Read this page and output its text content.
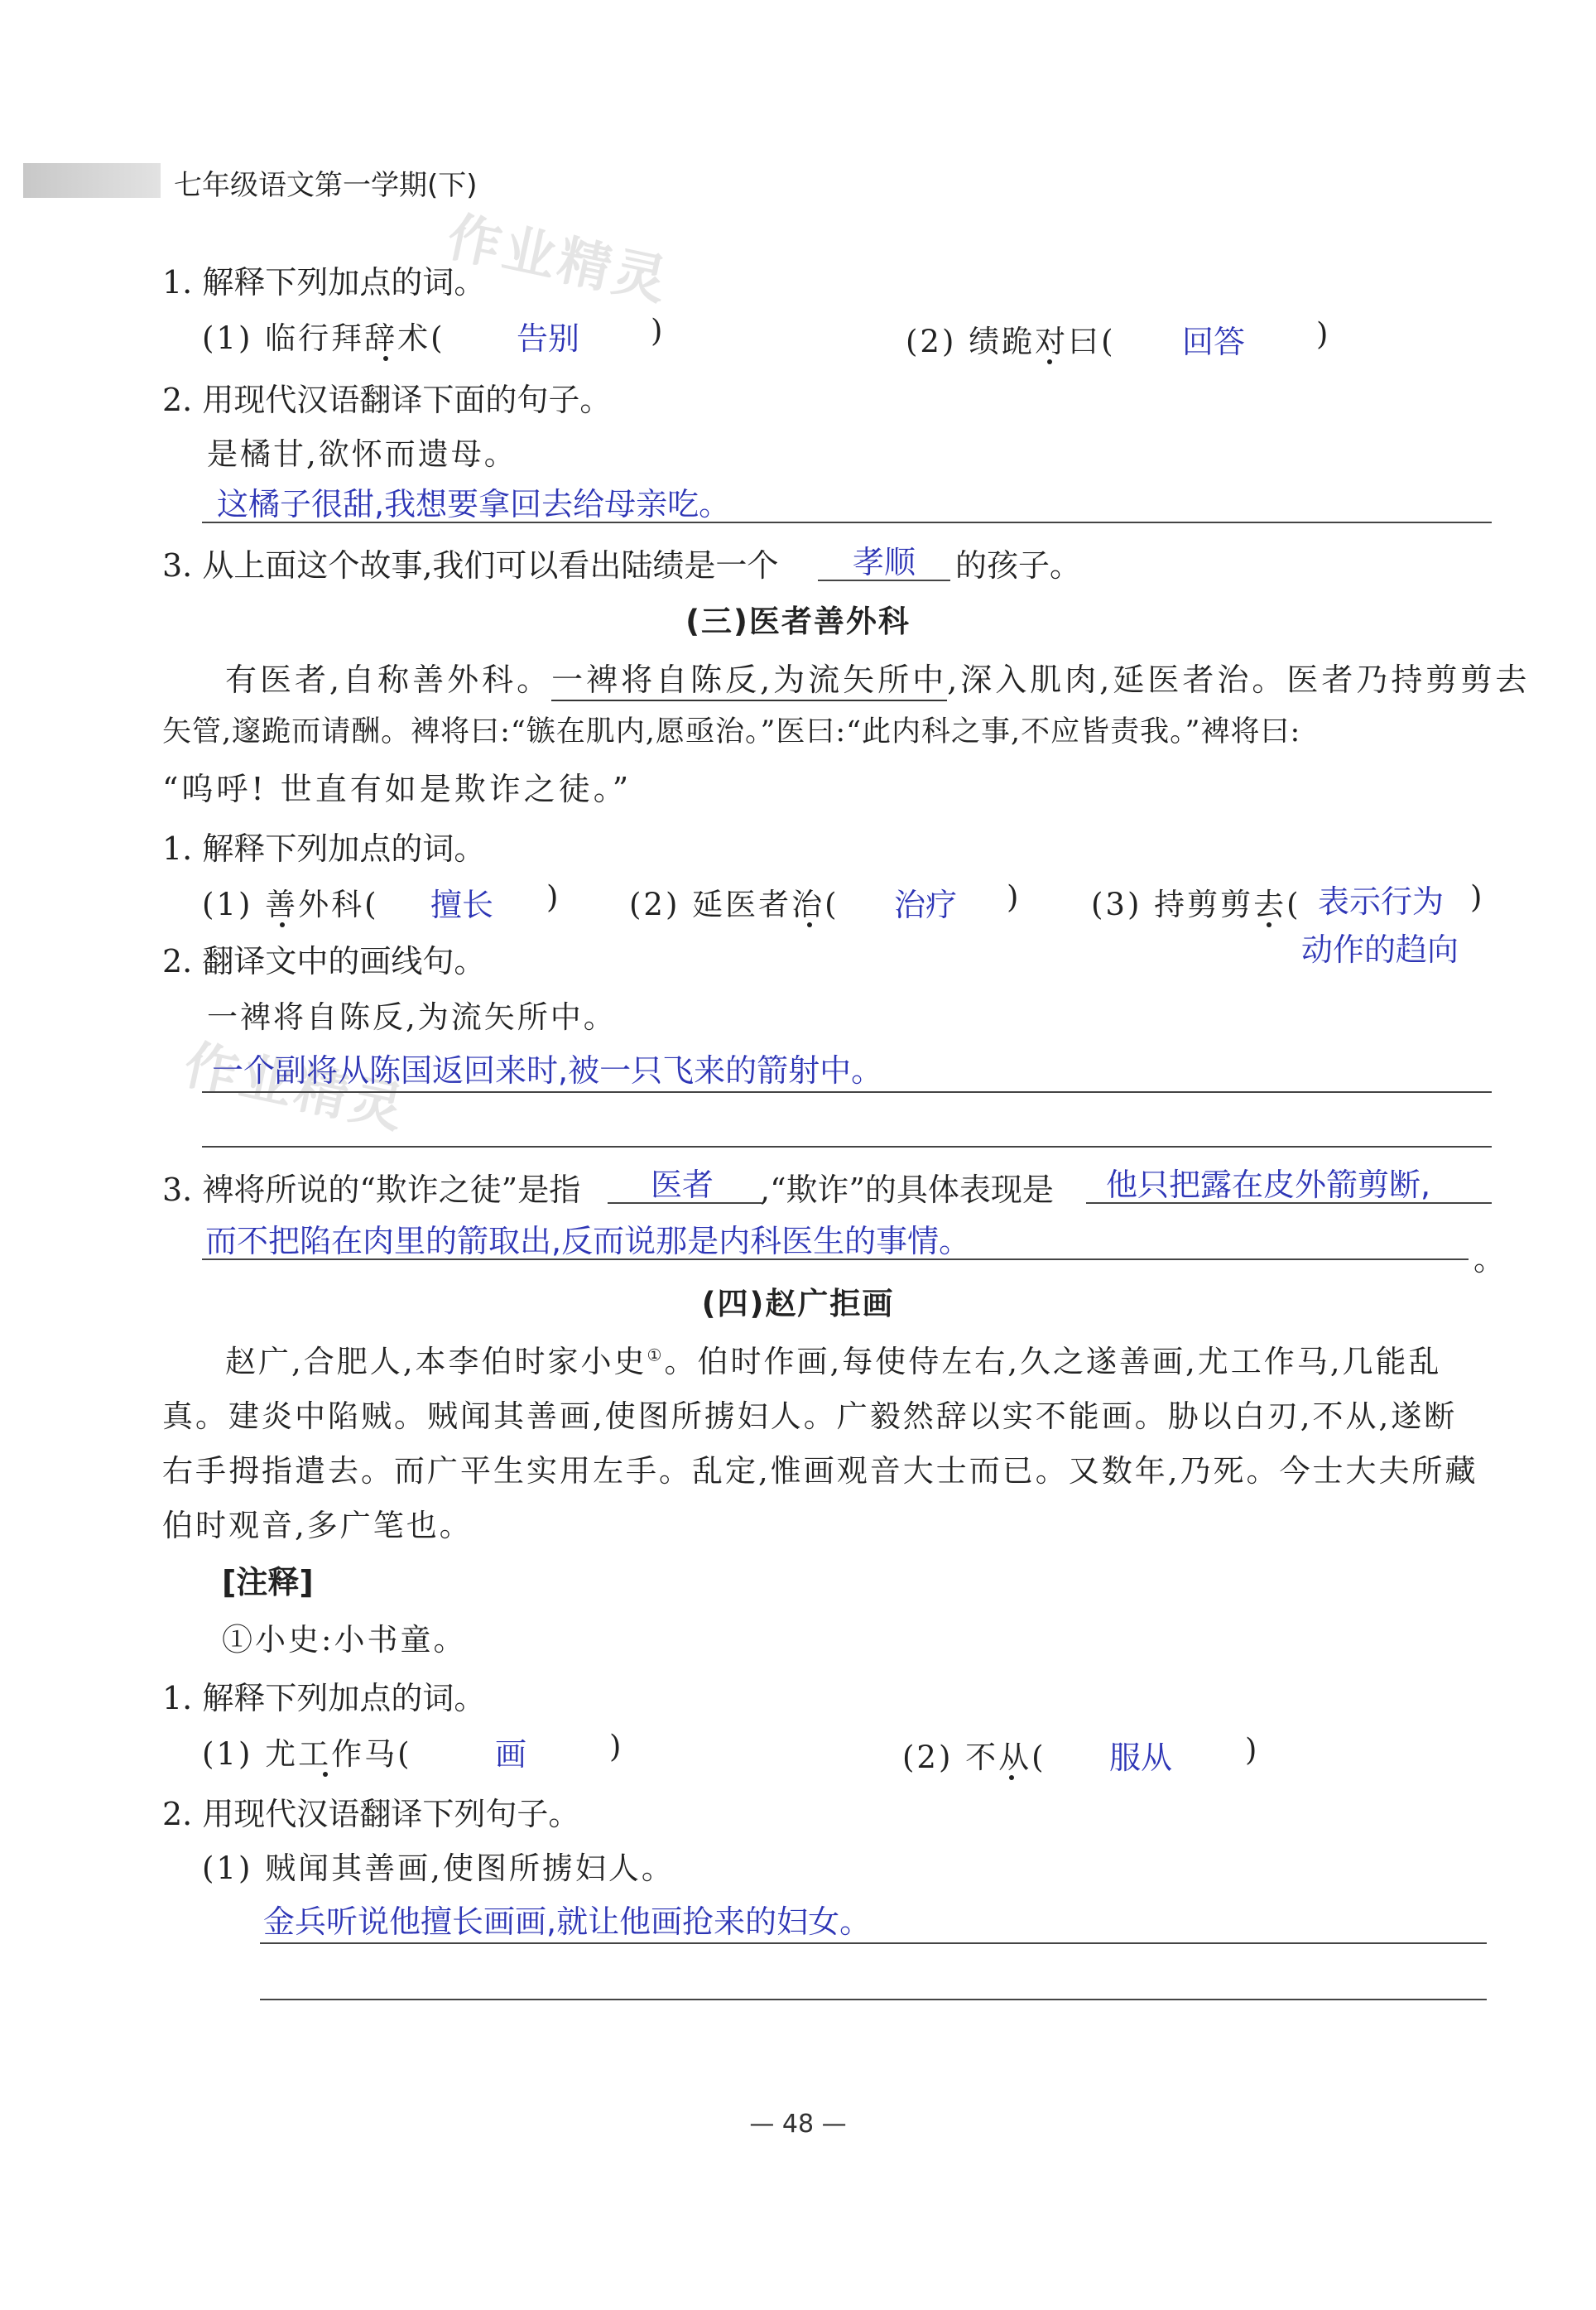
七年级语文第一学期(下)
作业精灵
作业精灵
1. 解释下列加点的词。
(1) 临行拜辞术( 告别 )	(2) 绩跪对曰( 回答 )
2. 用现代汉语翻译下面的句子。
是橘甘,欲怀而遗母。
这橘子很甜,我想要拿回去给母亲吃。
3. 从上面这个故事,我们可以看出陆绩是一个 孝顺 的孩子。
(三)医者善外科
有医者,自称善外科。一裨将自陈反,为流矢所中,深入肌肉,延医者治。医者乃持剪剪去
矢管,邃跪而请酬。裨将曰:“镞在肌内,愿亟治。”医曰:“此内科之事,不应皆责我。”裨将曰:
“呜呼! 世直有如是欺诈之徒。”
1. 解释下列加点的词。
(1) 善外科( 擅长 ) (2) 延医者治( 治疗 ) (3) 持剪剪去( 表示行为 )
动作的趋向
2. 翻译文中的画线句。
一裨将自陈反,为流矢所中。
一个副将从陈国返回来时,被一只飞来的箭射中。
3. 裨将所说的“欺诈之徒”是指 医者 ,“欺诈”的具体表现是 他只把露在皮外箭剪断,
而不把陷在肉里的箭取出,反而说那是内科医生的事情。	。
(四)赵广拒画
赵广,合肥人,本李伯时家小史①。伯时作画,每使侍左右,久之遂善画,尤工作马,几能乱
真。建炎中陷贼。贼闻其善画,使图所掳妇人。广毅然辞以实不能画。胁以白刃,不从,遂断
右手拇指遣去。而广平生实用左手。乱定,惟画观音大士而已。又数年,乃死。今士大夫所藏
伯时观音,多广笔也。
[注释]
①小史:小书童。
1. 解释下列加点的词。
(1) 尤工作马(	画	)	(2) 不从( 服从 )
2. 用现代汉语翻译下列句子。
(1) 贼闻其善画,使图所掳妇人。
金兵听说他擅长画画,就让他画抢来的妇女。
— 48 —
